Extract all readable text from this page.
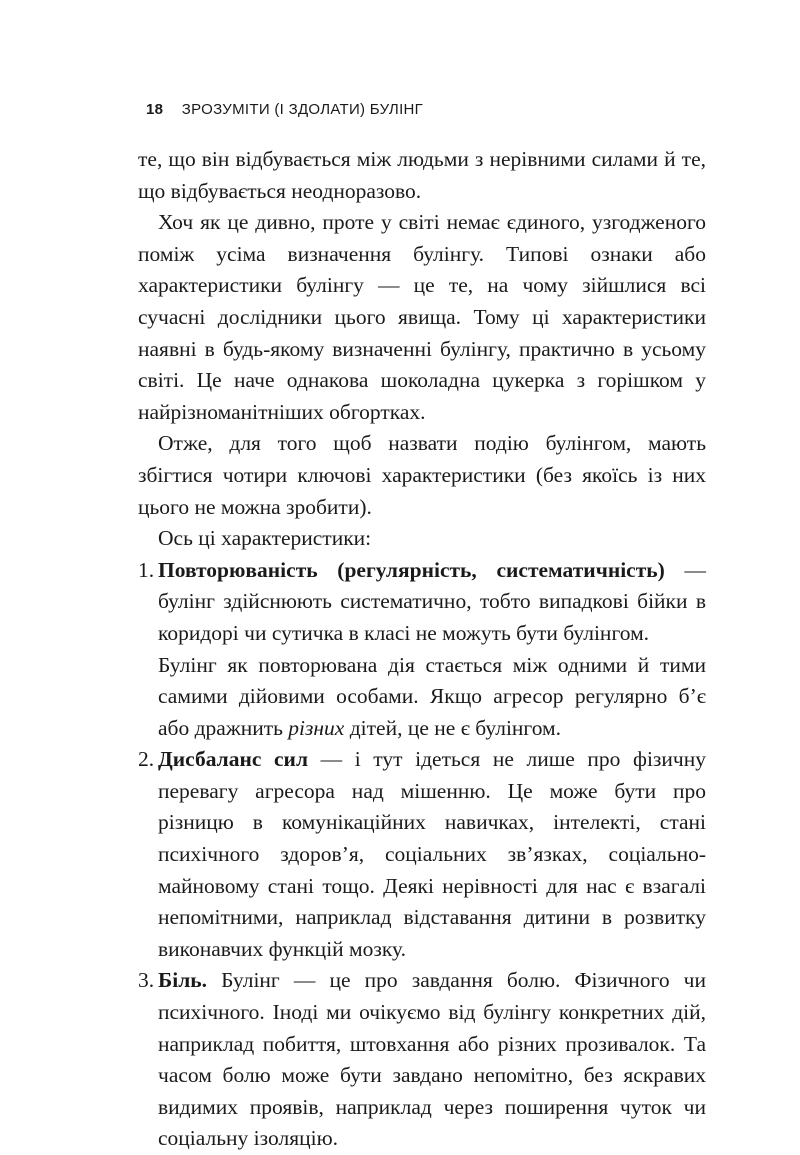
18 ЗРОЗУМІТИ (І ЗДОЛАТИ) БУЛІНГ

те, що він відбувається між людьми з нерівними силами й те, що відбувається неодноразово.

Хоч як це дивно, проте у світі немає єдиного, узгодженого поміж усіма визначення булінгу. Типові ознаки або характеристики булінгу — це те, на чому зійшлися всі сучасні дослідники цього явища. Тому ці характеристики наявні в будь-якому визначенні булінгу, практично в усьому світі. Це наче однакова шоколадна цукерка з горішком у найрізноманітніших обгортках.

Отже, для того щоб назвати подію булінгом, мають збігтися чотири ключові характеристики (без якоїсь із них цього не можна зробити).

Ось ці характеристики:

1. Повторюваність (регулярність, систематичність) — булінг здійснюють систематично, тобто випадкові бійки в коридорі чи сутичка в класі не можуть бути булінгом.

Булінг як повторювана дія стається між одними й тими самими дійовими особами. Якщо агресор регулярно б’є або дражнить різних дітей, це не є булінгом.

2. Дисбаланс сил — і тут ідеться не лише про фізичну перевагу агресора над мішенню. Це може бути про різницю в комунікаційних навичках, інтелекті, стані психічного здоров’я, соціальних зв’язках, соціально-майновому стані тощо. Деякі нерівності для нас є взагалі непомітними, наприклад відставання дитини в розвитку виконавчих функцій мозку.

3. Біль. Булінг — це про завдання болю. Фізичного чи психічного. Іноді ми очікуємо від булінгу конкретних дій, наприклад побиття, штовхання або різних прозивалок. Та часом болю може бути завдано непомітно, без яскравих видимих проявів, наприклад через поширення чуток чи соціальну ізоляцію.
